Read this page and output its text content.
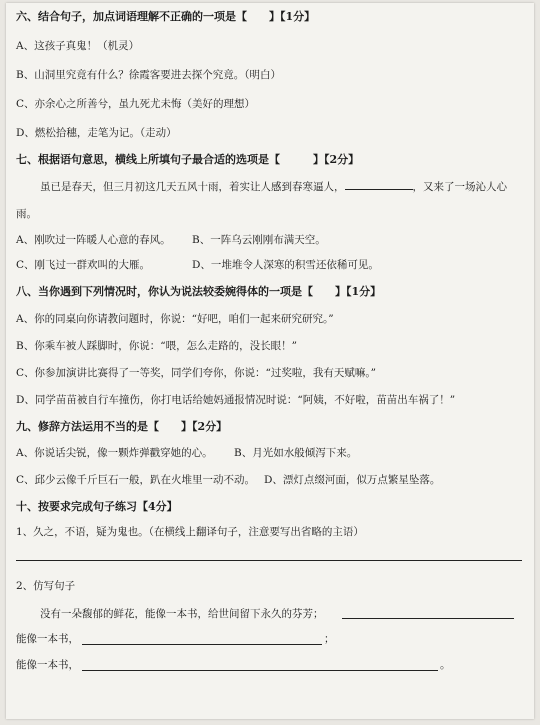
六、结合句子，加点词语理解不正确的一项是【　　】【1分】
A、这孩子真鬼！（机灵）
B、山洞里究竟有什么？徐霞客要进去探个究竟。（明白）
C、亦余心之所善兮，虽九死尤未悔（美好的理想）
D、燃松拾穗，走笔为记。（走动）
七、根据语句意思，横线上所填句子最合适的选项是【　　　】【2分】
虽已是春天，但三月初这几天五风十雨，着实让人感到春寒逼人，	，又来了一场沁人心
雨。
A、刚吹过一阵暖人心意的春风。 B、一阵乌云刚刚布满天空。
C、刚飞过一群欢叫的大雁。	D、一堆堆令人深寒的积雪还依稀可见。
八、当你遇到下列情况时，你认为说法较委婉得体的一项是【　　】【1分】
A、你的同桌向你请教问题时，你说：“好吧，咱们一起来研究研究。”
B、你乘车被人踩脚时，你说：“喂，怎么走路的，没长眼！”
C、你参加演讲比赛得了一等奖，同学们夸你，你说：“过奖啦，我有天赋嘛。”
D、同学苗苗被自行车撞伤，你打电话给她妈通报情况时说：“阿姨，不好啦，苗苗出车祸了！”
九、修辞方法运用不当的是【　　】【2分】
A、你说话尖锐，像一颗炸弹戳穿她的心。 B、月光如水般倾泻下来。
C、邱少云像千斤巨石一般，趴在火堆里一动不动。 D、漂灯点缀河面，似万点繁星坠落。
十、按要求完成句子练习【4分】
1、久之，不语，疑为鬼也。（在横线上翻译句子，注意要写出省略的主语）
2、仿写句子
没有一朵馥郁的鲜花，能像一本书，给世间留下永久的芬芳；
能像一本书，	；
能像一本书，	。
